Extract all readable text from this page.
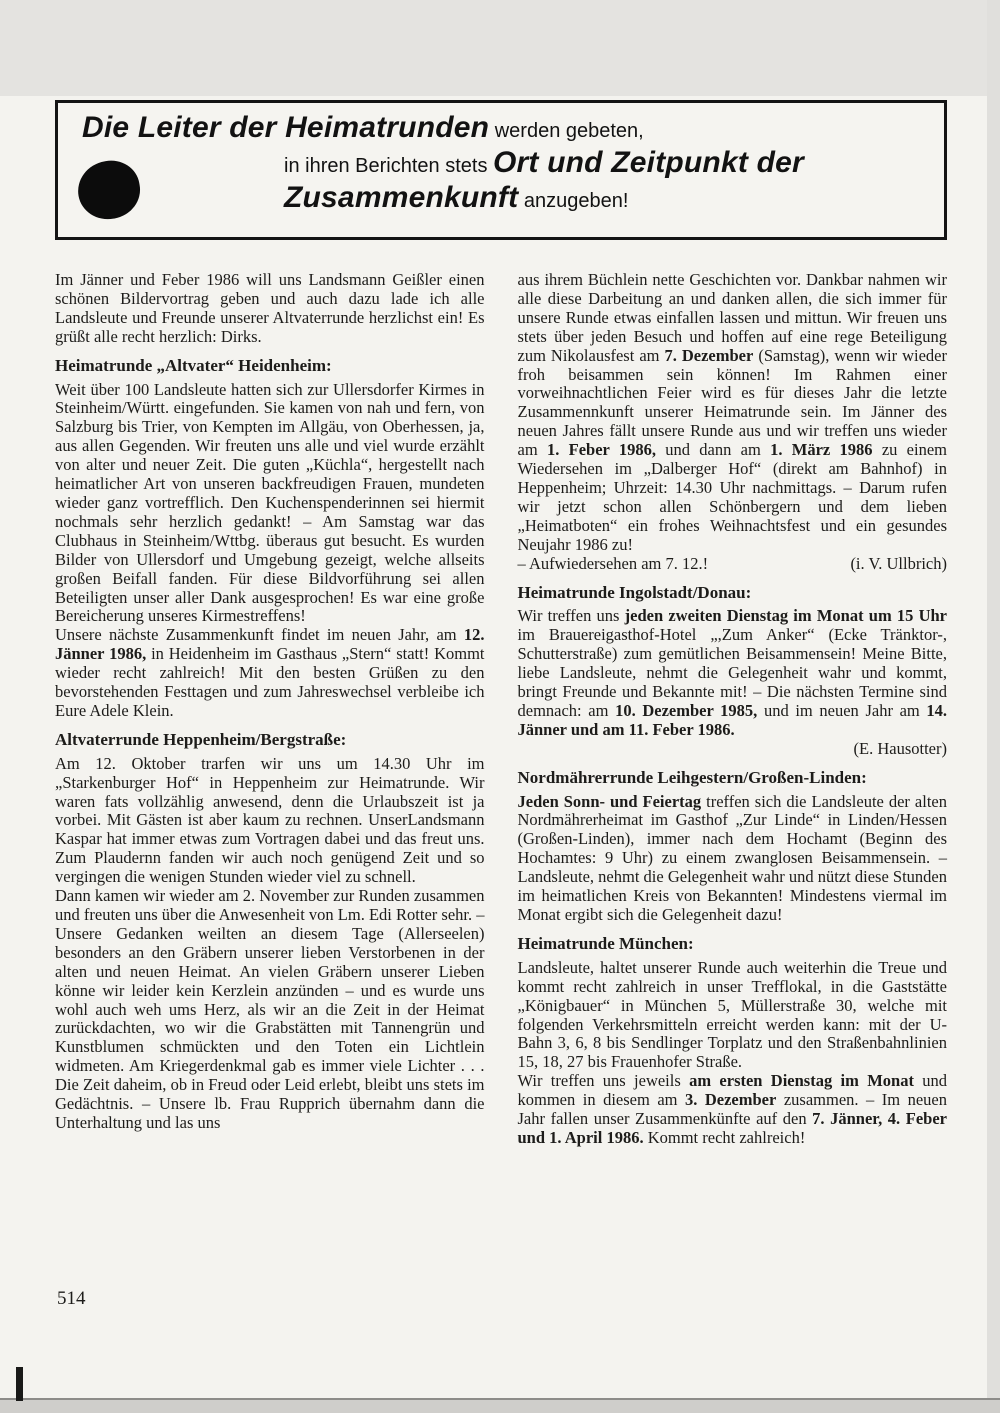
Die Leiter der Heimatrunden werden gebeten,
in ihren Berichten stets Ort und Zeitpunkt der
Zusammenkunft anzugeben!

Im Jänner und Feber 1986 will uns Landsmann Geißler einen schönen Bildervortrag geben und auch dazu lade ich alle Landsleute und Freunde unserer Altvaterrunde herzlichst ein! Es grüßt alle recht herzlich: Dirks.

Heimatrunde „Altvater“ Heidenheim:

Weit über 100 Landsleute hatten sich zur Ullersdorfer Kirmes in Steinheim/Württ. eingefunden. Sie kamen von nah und fern, von Salzburg bis Trier, von Kempten im Allgäu, von Oberhessen, ja, aus allen Gegenden. Wir freuten uns alle und viel wurde erzählt von alter und neuer Zeit. Die guten „Küchla“, hergestellt nach heimatlicher Art von unseren backfreudigen Frauen, mundeten wieder ganz vortrefflich. Den Kuchenspenderinnen sei hiermit nochmals sehr herzlich gedankt! – Am Samstag war das Clubhaus in Steinheim/Wttbg. überaus gut besucht. Es wurden Bilder von Ullersdorf und Umgebung gezeigt, welche allseits großen Beifall fanden. Für diese Bildvorführung sei allen Beteiligten unser aller Dank ausgesprochen! Es war eine große Bereicherung unseres Kirmestreffens!

Unsere nächste Zusammenkunft findet im neuen Jahr, am 12. Jänner 1986, in Heidenheim im Gasthaus „Stern“ statt! Kommt wieder recht zahlreich! Mit den besten Grüßen zu den bevorstehenden Festtagen und zum Jahreswechsel verbleibe ich Eure Adele Klein.

Altvaterrunde Heppenheim/Bergstraße:

Am 12. Oktober trarfen wir uns um 14.30 Uhr im „Starkenburger Hof“ in Heppenheim zur Heimatrunde. Wir waren fats vollzählig anwesend, denn die Urlaubszeit ist ja vorbei. Mit Gästen ist aber kaum zu rechnen. UnserLandsmann Kaspar hat immer etwas zum Vortragen dabei und das freut uns. Zum Plaudernn fanden wir auch noch genügend Zeit und so vergingen die wenigen Stunden wieder viel zu schnell.

Dann kamen wir wieder am 2. November zur Runden zusammen und freuten uns über die Anwesenheit von Lm. Edi Rotter sehr. – Unsere Gedanken weilten an diesem Tage (Allerseelen) besonders an den Gräbern unserer lieben Verstorbenen in der alten und neuen Heimat. An vielen Gräbern unserer Lieben könne wir leider kein Kerzlein anzünden – und es wurde uns wohl auch weh ums Herz, als wir an die Zeit in der Heimat zurückdachten, wo wir die Grabstätten mit Tannengrün und Kunstblumen schmückten und den Toten ein Lichtlein widmeten. Am Kriegerdenkmal gab es immer viele Lichter . . . Die Zeit daheim, ob in Freud oder Leid erlebt, bleibt uns stets im Gedächtnis. – Unsere lb. Frau Rupprich übernahm dann die Unterhaltung und las uns

aus ihrem Büchlein nette Geschichten vor. Dankbar nahmen wir alle diese Darbeitung an und danken allen, die sich immer für unsere Runde etwas einfallen lassen und mittun. Wir freuen uns stets über jeden Besuch und hoffen auf eine rege Beteiligung zum Nikolausfest am 7. Dezember (Samstag), wenn wir wieder froh beisammen sein können! Im Rahmen einer vorweihnachtlichen Feier wird es für dieses Jahr die letzte Zusammennkunft unserer Heimatrunde sein. Im Jänner des neuen Jahres fällt unsere Runde aus und wir treffen uns wieder am 1. Feber 1986, und dann am 1. März 1986 zu einem Wiedersehen im „Dalberger Hof“ (direkt am Bahnhof) in Heppenheim; Uhrzeit: 14.30 Uhr nachmittags. – Darum rufen wir jetzt schon allen Schönbergern und dem lieben „Heimatboten“ ein frohes Weihnachtsfest und ein gesundes Neujahr 1986 zu!

– Aufwiedersehen am 7. 12.!	(i. V. Ullbrich)
Heimatrunde Ingolstadt/Donau:

Wir treffen uns jeden zweiten Dienstag im Monat um 15 Uhr im Brauereigasthof-Hotel „,Zum Anker“ (Ecke Tränktor-, Schutterstraße) zum gemütlichen Beisammensein! Meine Bitte, liebe Landsleute, nehmt die Gelegenheit wahr und kommt, bringt Freunde und Bekannte mit! – Die nächsten Termine sind demnach: am 10. Dezember 1985, und im neuen Jahr am 14. Jänner und am 11. Feber 1986.

(E. Hausotter)
Nordmährerrunde Leihgestern/Großen-Linden:

Jeden Sonn- und Feiertag treffen sich die Landsleute der alten Nordmährerheimat im Gasthof „Zur Linde“ in Linden/Hessen (Großen-Linden), immer nach dem Hochamt (Beginn des Hochamtes: 9 Uhr) zu einem zwanglosen Beisammensein. – Landsleute, nehmt die Gelegenheit wahr und nützt diese Stunden im heimatlichen Kreis von Bekannten! Mindestens viermal im Monat ergibt sich die Gelegenheit dazu!

Heimatrunde München:

Landsleute, haltet unserer Runde auch weiterhin die Treue und kommt recht zahlreich in unser Trefflokal, in die Gaststätte „Königbauer“ in München 5, Müllerstraße 30, welche mit folgenden Verkehrsmitteln erreicht werden kann: mit der U-Bahn 3, 6, 8 bis Sendlinger Torplatz und den Straßenbahnlinien 15, 18, 27 bis Frauenhofer Straße.

Wir treffen uns jeweils am ersten Dienstag im Monat und kommen in diesem am 3. Dezember zusammen. – Im neuen Jahr fallen unser Zusammenkünfte auf den 7. Jänner, 4. Feber und 1. April 1986. Kommt recht zahlreich!

514
